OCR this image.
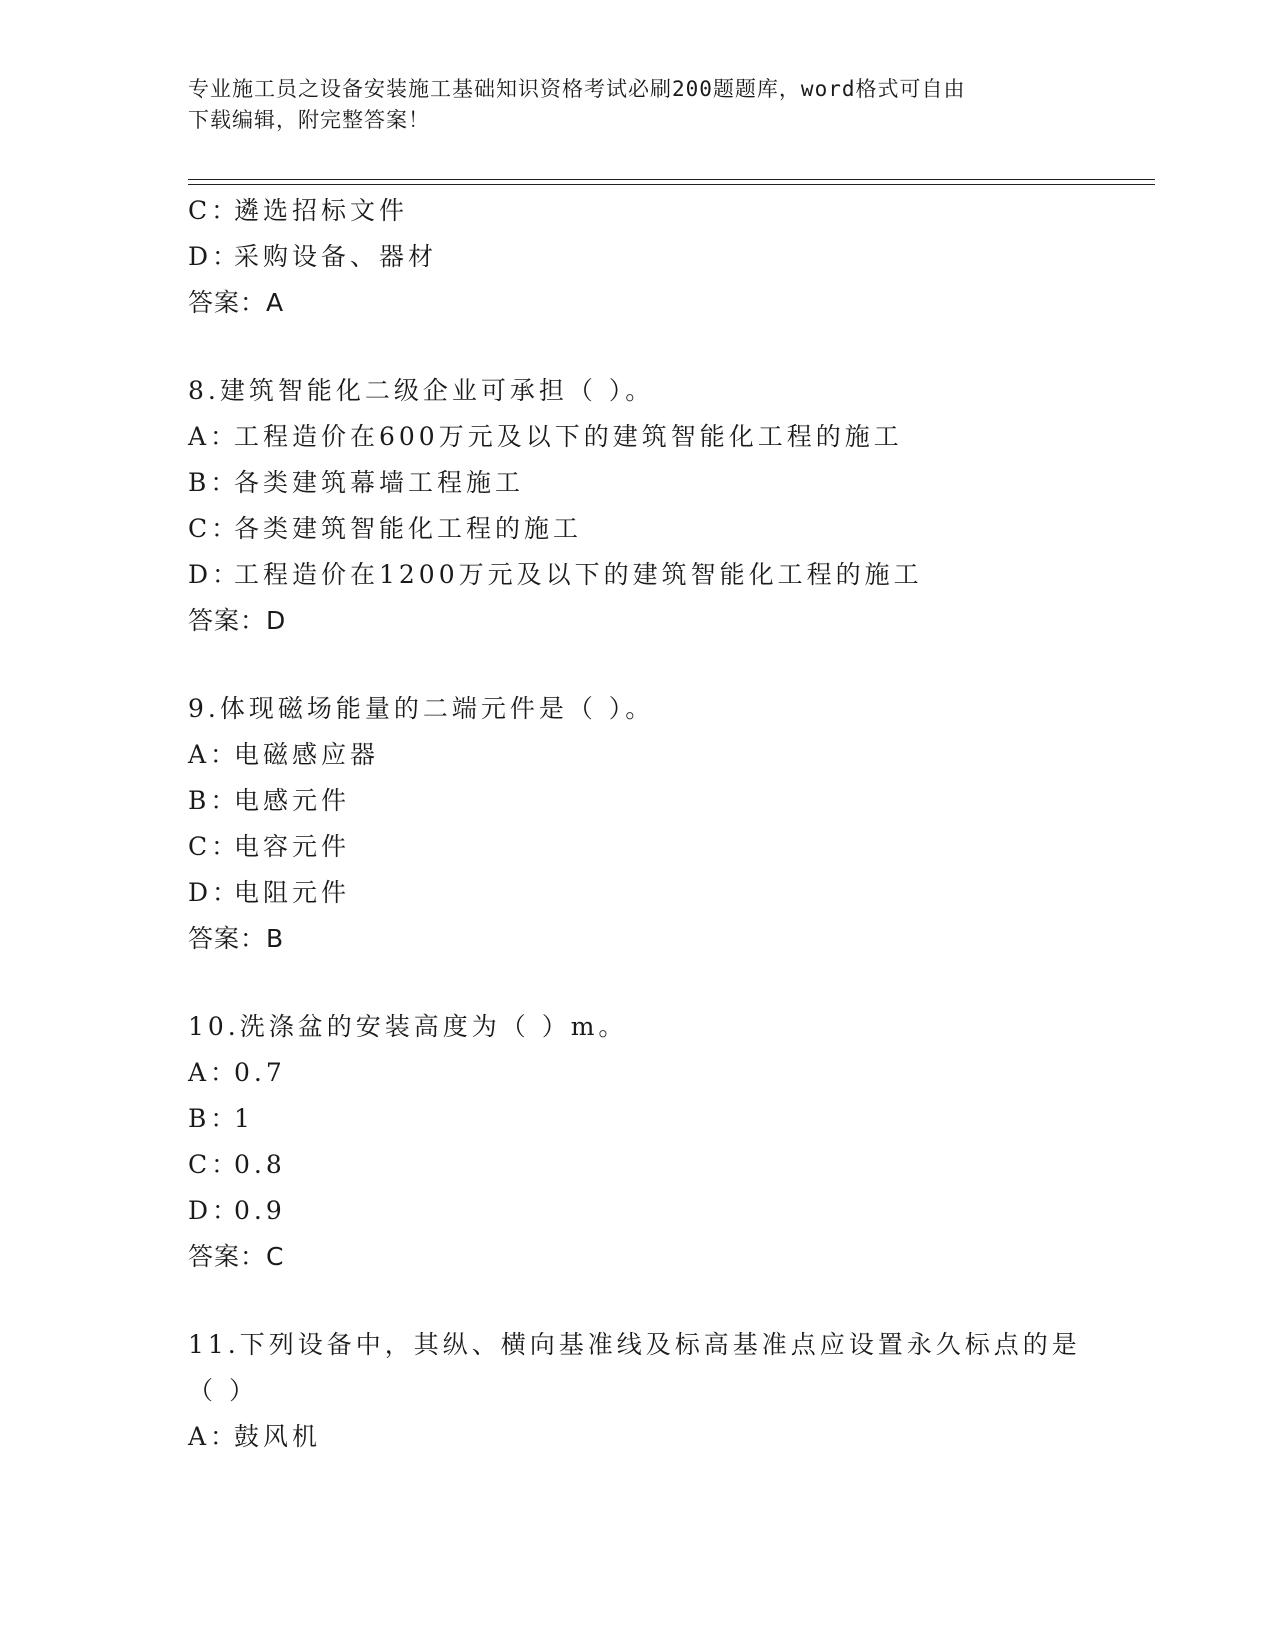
专业施工员之设备安装施工基础知识资格考试必刷200题题库，word格式可自由
下载编辑，附完整答案！
C：遴选招标文件
D：采购设备、器材
答案：A
8.建筑智能化二级企业可承担（ ）。
A：工程造价在600万元及以下的建筑智能化工程的施工
B：各类建筑幕墙工程施工
C：各类建筑智能化工程的施工
D：工程造价在1200万元及以下的建筑智能化工程的施工
答案：D
9.体现磁场能量的二端元件是（ ）。
A：电磁感应器
B：电感元件
C：电容元件
D：电阻元件
答案：B
10.洗涤盆的安装高度为（ ）m。
A：0.7
B：1
C：0.8
D：0.9
答案：C
11.下列设备中，其纵、横向基准线及标高基准点应设置永久标点的是
（ ）
A：鼓风机
